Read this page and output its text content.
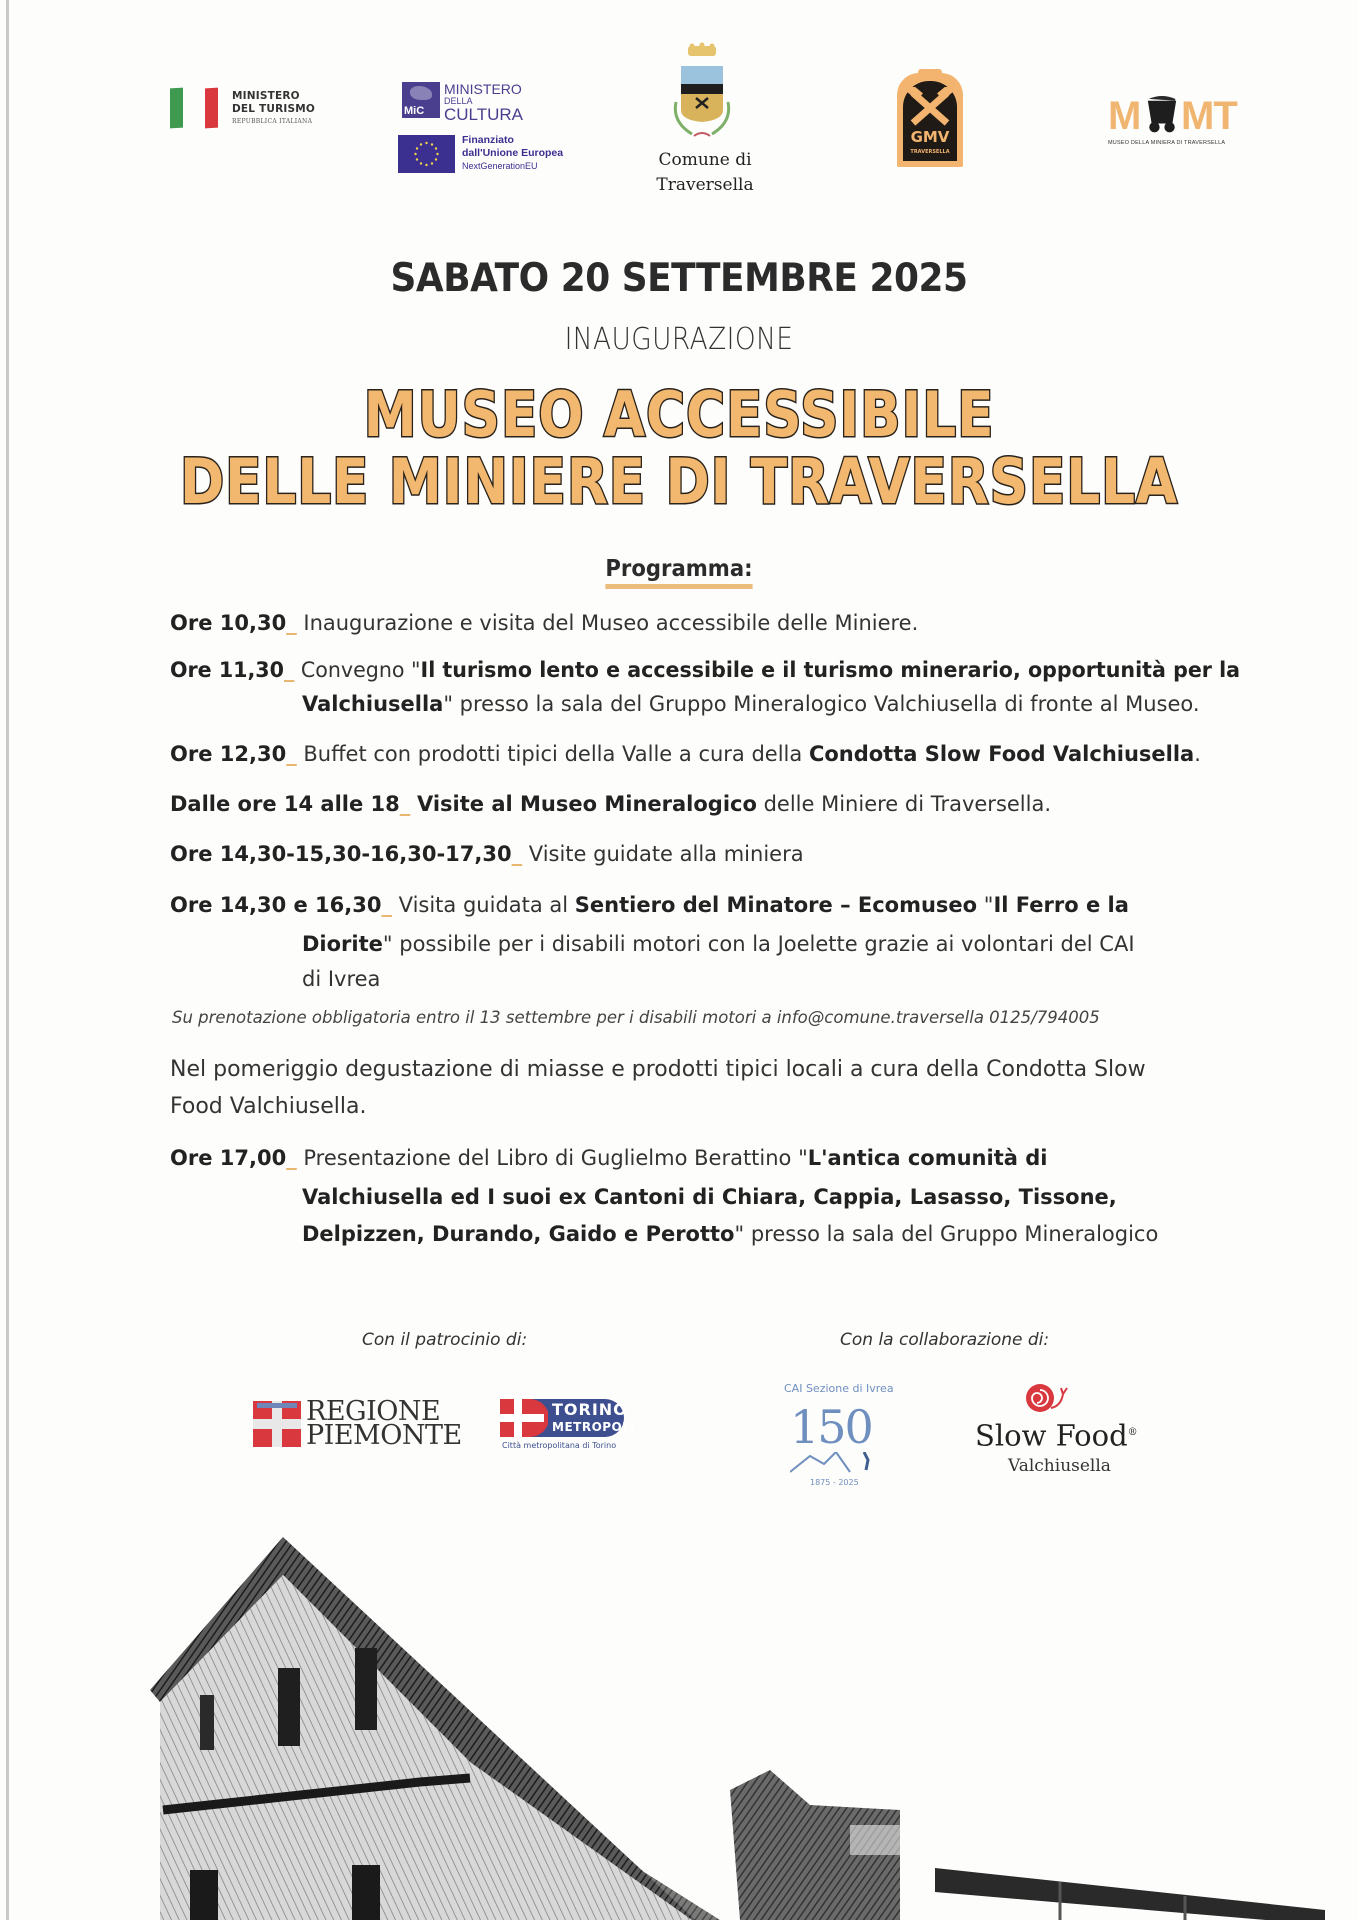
MINISTERO
DEL TURISMO
REPUBBLICA ITALIANA
MiC
MINISTERO
DELLA
CULTURA
Finanziato
dall'Unione Europea
NextGenerationEU	Comune di
Traversella
GMV
TRAVERSELLA
M MT
MUSEO DELLA MINIERA DI TRAVERSELLA
SABATO 20 SETTEMBRE 2025
INAUGURAZIONE
MUSEO ACCESSIBILE
DELLE MINIERE DI TRAVERSELLA
Programma:
Ore 10,30_ Inaugurazione e visita del Museo accessibile delle Miniere.
Ore 11,30_ Convegno "Il turismo lento e accessibile e il turismo minerario, opportunità per la
Valchiusella" presso la sala del Gruppo Mineralogico Valchiusella di fronte al Museo.
Ore 12,30_ Buffet con prodotti tipici della Valle a cura della Condotta Slow Food Valchiusella.
Dalle ore 14 alle 18_ Visite al Museo Mineralogico delle Miniere di Traversella.
Ore 14,30-15,30-16,30-17,30_ Visite guidate alla miniera
Ore 14,30 e 16,30_ Visita guidata al Sentiero del Minatore – Ecomuseo "Il Ferro e la
Diorite" possibile per i disabili motori con la Joelette grazie ai volontari del CAI
di Ivrea
Su prenotazione obbligatoria entro il 13 settembre per i disabili motori a info@comune.traversella 0125/794005
Nel pomeriggio degustazione di miasse e prodotti tipici locali a cura della Condotta Slow
Food Valchiusella.
Ore 17,00_ Presentazione del Libro di Guglielmo Berattino "L'antica comunità di
Valchiusella ed I suoi ex Cantoni di Chiara, Cappia, Lasasso, Tissone,
Delpizzen, Durando, Gaido e Perotto" presso la sala del Gruppo Mineralogico
Con il patrocinio di:	Con la collaborazione di:
REGIONE
PIEMONTE
TORINO
METROPOLI
Città metropolitana di Torino
CAI Sezione di Ivrea
150
1875 - 2025
Slow Food®
Valchiusella
